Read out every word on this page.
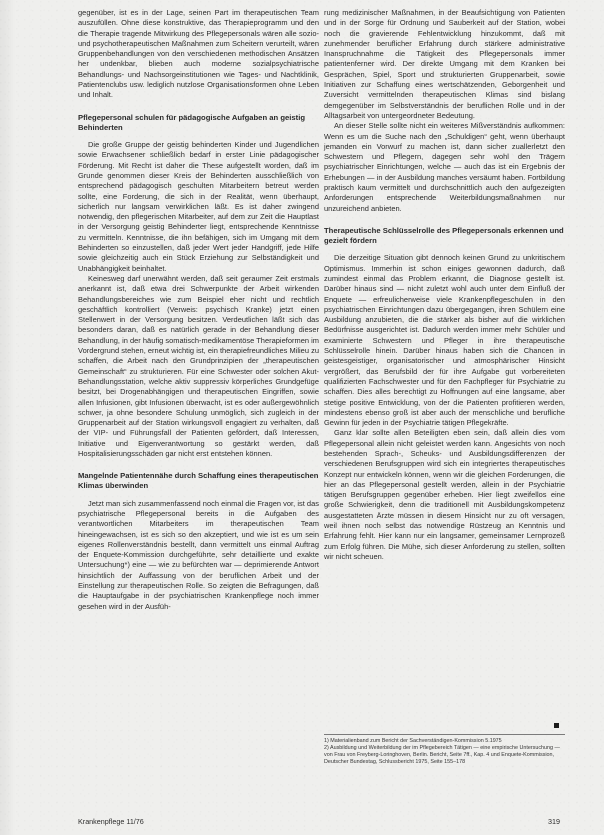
gegenüber, ist es in der Lage, seinen Part im therapeutischen Team auszufüllen. Ohne diese konstruktive, das Therapieprogramm und den die Therapie tragende Mitwirkung des Pflegepersonals wären alle sozio- und psychotherapeutischen Maßnahmen zum Scheitern verurteilt, wären Gruppenbehandlungen von den verschiedenen methodischen Ansätzen her undenkbar, blieben auch moderne sozialpsychiatrische Behandlungs- und Nachsorgeinstitutionen wie Tages- und Nachtklinik, Patientenclubs usw. lediglich nutzlose Organisationsformen ohne Leben und Inhalt.

Pflegepersonal schulen für pädagogische Aufgaben an geistig Behinderten

Die große Gruppe der geistig behinderten Kinder und Jugendlichen sowie Erwachsener schließlich bedarf in erster Linie pädagogischer Förderung. Mit Recht ist daher die These aufgestellt worden, daß im Grunde genommen dieser Kreis der Behinderten ausschließlich von entsprechend pädagogisch geschulten Mitarbeitern betreut werden sollte, eine Forderung, die sich in der Realität, wenn überhaupt, sicherlich nur langsam verwirklichen läßt. Es ist daher zwingend notwendig, den pflegerischen Mitarbeiter, auf dem zur Zeit die Hauptlast in der Versorgung geistig Behinderter liegt, entsprechende Kenntnisse zu vermitteln. Kenntnisse, die ihn befähigen, sich im Umgang mit dem Behinderten so einzustellen, daß jeder Wert jeder Handgriff, jede Hilfe sowie gleichzeitig auch ein Stück Erziehung zur Selbständigkeit und Unabhängigkeit beinhaltet.

Keinesweg darf unerwähnt werden, daß seit geraumer Zeit erstmals anerkannt ist, daß etwa drei Schwerpunkte der Arbeit wirkenden Behandlungsbereiches wie zum Beispiel eher nicht und rechtlich geschäftlich kontrolliert (Verweis: psychisch Kranke) jetzt einen Stellenwert in der Versorgung besitzen. Verdeutlichen läßt sich das besonders daran, daß es natürlich gerade in der Behandlung dieser Behandlung, in der häufig somatisch-medikamentöse Therapieformen im Vordergrund stehen, erneut wichtig ist, ein therapiefreundliches Milieu zu schaffen, die Arbeit nach den Grundprinzipien der „therapeutischen Gemeinschaft“ zu strukturieren. Für eine Schwester oder solchen Akut-Behandlungsstation, welche aktiv suppressiv körperliches Grundgefüge besitzt, bei Drogenabhängigen und therapeutischen Eingriffen, sowie allen Infusionen, gibt Infusionen überwacht, ist es oder außergewöhnlich schwer, ja ohne besondere Schulung unmöglich, sich zugleich in der Gruppenarbeit auf der Station wirkungsvoll engagiert zu verhalten, daß der VIP- und Führungsfall der Patienten gefördert, daß Interessen, Initiative und Eigenverantwortung so gestärkt werden, daß Hospitalisierungsschäden gar nicht erst entstehen können.

Mangelnde Patientennähe durch Schaffung eines therapeutischen Klimas überwinden

Jetzt man sich zusammenfassend noch einmal die Fragen vor, ist das psychiatrische Pflegepersonal bereits in die Aufgaben des verantwortlichen Mitarbeiters im therapeutischen Team hineingewachsen, ist es sich so den akzeptiert, und wie ist es um sein eigenes Rollenverständnis bestellt, dann vermittelt uns einmal Auftrag der Enquete-Kommission durchgeführte, sehr detaillierte und exakte Untersuchung*) eine — wie zu befürchten war — deprimierende Antwort hinsichtlich der Auffassung von der beruflichen Arbeit und der Einstellung zur therapeutischen Rolle. So zeigten die Befragungen, daß die Hauptaufgabe in der psychiatrischen Krankenpflege noch immer gesehen wird in der Ausfüh-

rung medizinischer Maßnahmen, in der Beaufsichtigung von Patienten und in der Sorge für Ordnung und Sauberkeit auf der Station, wobei noch die gravierende Fehlentwicklung hinzukommt, daß mit zunehmender beruflicher Erfahrung durch stärkere administrative Inanspruchnahme die Tätigkeit des Pflegepersonals immer patientenferner wird. Der direkte Umgang mit dem Kranken bei Gesprächen, Spiel, Sport und strukturierten Gruppenarbeit, sowie Initiativen zur Schaffung eines wertschätzenden, Geborgenheit und Zuversicht vermittelnden therapeutischen Klimas sind bislang demgegenüber im Selbstverständnis der beruflichen Rolle und in der Alltagsarbeit von untergeordneter Bedeutung.

An dieser Stelle sollte nicht ein weiteres Mißverständnis aufkommen: Wenn es um die Suche nach den „Schuldigen“ geht, wenn überhaupt jemanden ein Vorwurf zu machen ist, dann sicher zuallerletzt den Schwestern und Pflegern, dagegen sehr wohl den Trägern psychiatrischer Einrichtungen, welche — auch das ist ein Ergebnis der Erhebungen — in der Ausbildung manches versäumt haben. Fortbildung praktisch kaum vermittelt und durchschnittlich auch den aufgezeigten Anforderungen entsprechende Weiterbildungsmaßnahmen nur unzureichend anbieten.

Therapeutische Schlüsselrolle des Pflegepersonals erkennen und gezielt fördern

Die derzeitige Situation gibt dennoch keinen Grund zu unkritischem Optimismus. Immerhin ist schon einiges gewonnen dadurch, daß zumindest einmal das Problem erkannt, die Diagnose gestellt ist. Darüber hinaus sind — nicht zuletzt wohl auch unter dem Einfluß der Enquete — erfreulicherweise viele Krankenpflegeschulen in den psychiatrischen Einrichtungen dazu übergegangen, ihren Schülern eine Ausbildung anzubieten, die die stärker als bisher auf die wirklichen Bedürfnisse ausgerichtet ist. Dadurch werden immer mehr Schüler und examinierte Schwestern und Pfleger in ihre therapeutische Schlüsselrolle hinein. Darüber hinaus haben sich die Chancen in geistesgeistiger, organisatorischer und atmosphärischer Hinsicht vergrößert, das Berufsbild der für ihre Aufgabe gut vorbereiteten qualifizierten Fachschwester und für den Fachpfleger für Psychiatrie zu schaffen. Dies alles berechtigt zu Hoffnungen auf eine langsame, aber stetige positive Entwicklung, von der die Patienten profitieren werden, mindestens ebenso groß ist aber auch der menschliche und berufliche Gewinn für jeden in der Psychiatrie tätigen Pflegekräfte.

Ganz klar sollte allen Beteiligten eben sein, daß allein dies vom Pflegepersonal allein nicht geleistet werden kann. Angesichts von noch bestehenden Sprach-, Scheuks- und Ausbildungsdifferenzen der verschiedenen Berufsgruppen wird sich ein integriertes therapeutisches Konzept nur entwickeln können, wenn wir die gleichen Forderungen, die hier an das Pflegepersonal gestellt werden, allein in der Psychiatrie tätigen Berufsgruppen gegenüber erheben. Hier liegt zweifellos eine große Schwierigkeit, denn die traditionell mit Ausbildungskompetenz ausgestatteten Ärzte müssen in diesem Hinsicht nur zu oft versagen, weil ihnen noch selbst das notwendige Rüstzeug an Kenntnis und Erfahrung fehlt. Hier kann nur ein langsamer, gemeinsamer Lernprozeß zum Erfolg führen. Die Mühe, sich dieser Anforderung zu stellen, sollten wir nicht scheuen.

1) Materialienband zum Bericht der Sachverständigen-Kommission 5.1975

2) Ausbildung und Weiterbildung der im Pflegebereich Tätigen — eine empirische Untersuchung — von Frau von Freyberg-Loringhoven, Berlin. Bericht, Seite 7ff., Kap. 4 und Enquete-Kommission, Deutscher Bundestag, Schlussbericht 1975, Seite 155–178

Krankenpflege 11/76	319
